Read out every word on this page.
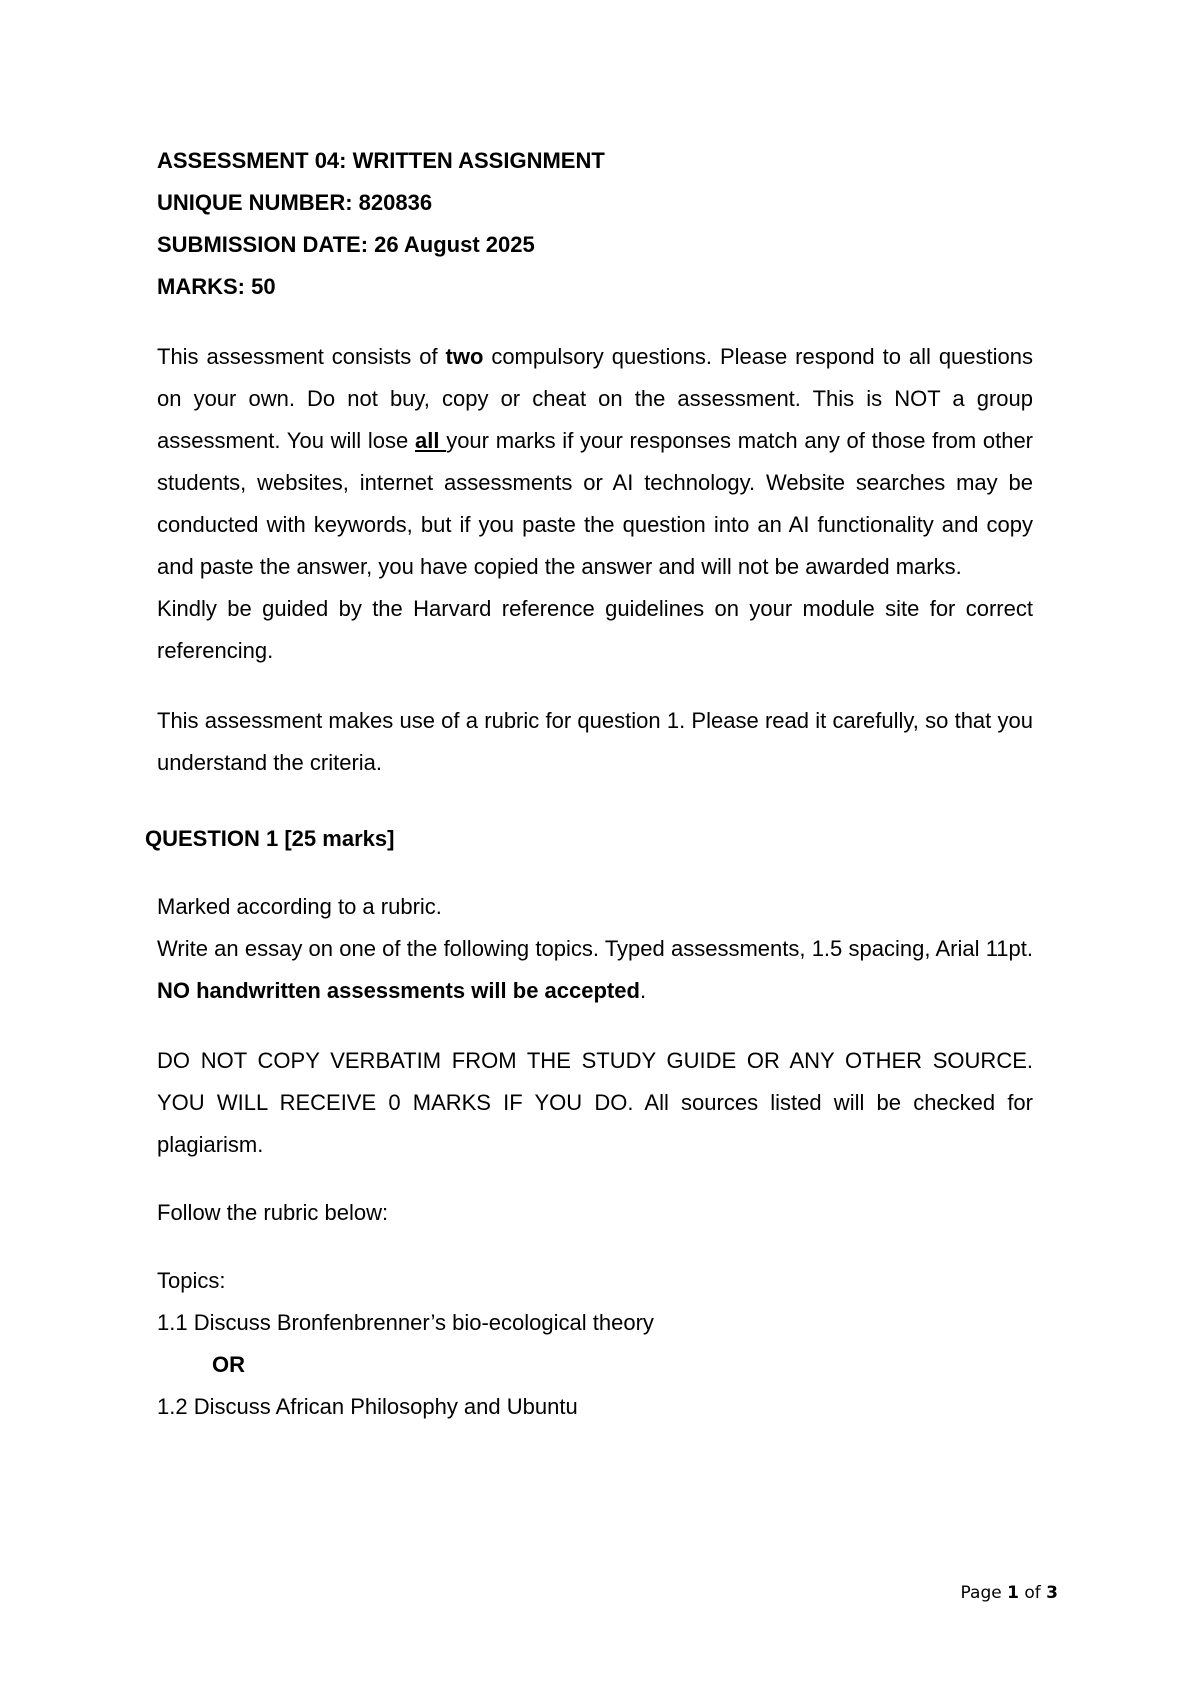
ASSESSMENT 04: WRITTEN ASSIGNMENT

UNIQUE NUMBER: 820836

SUBMISSION DATE: 26 August 2025

MARKS: 50

This assessment consists of two compulsory questions. Please respond to all questions on your own. Do not buy, copy or cheat on the assessment. This is NOT a group assessment. You will lose all your marks if your responses match any of those from other students, websites, internet assessments or AI technology. Website searches may be conducted with keywords, but if you paste the question into an AI functionality and copy and paste the answer, you have copied the answer and will not be awarded marks.

Kindly be guided by the Harvard reference guidelines on your module site for correct referencing.

This assessment makes use of a rubric for question 1. Please read it carefully, so that you understand the criteria.

QUESTION 1 [25 marks]

Marked according to a rubric.

Write an essay on one of the following topics. Typed assessments, 1.5 spacing, Arial 11pt. NO handwritten assessments will be accepted.

DO NOT COPY VERBATIM FROM THE STUDY GUIDE OR ANY OTHER SOURCE. YOU WILL RECEIVE 0 MARKS IF YOU DO. All sources listed will be checked for plagiarism.

Follow the rubric below:

Topics:

1.1 Discuss Bronfenbrenner’s bio-ecological theory

OR

1.2 Discuss African Philosophy and Ubuntu

Page 1 of 3
